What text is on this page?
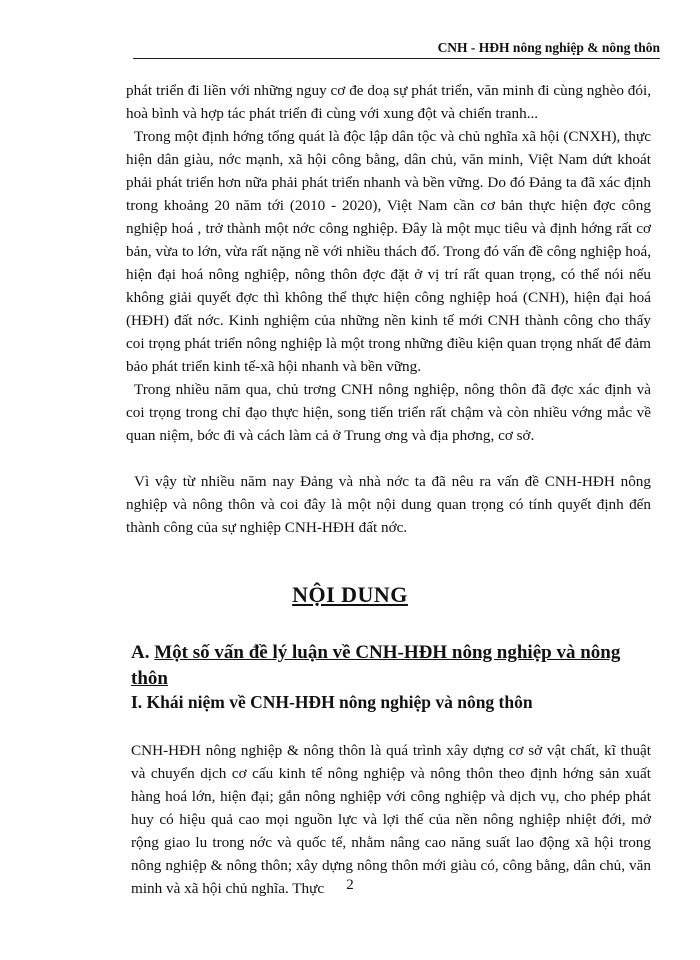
CNH - HĐH nông nghiệp & nông thôn

phát triển đi liền với những nguy cơ đe doạ sự phát triển, văn minh đi cùng nghèo đói, hoà bình và hợp tác phát triển đi cùng với xung đột và chiến tranh...

Trong một định hớng tổng quát là độc lập dân tộc và chủ nghĩa xã hội (CNXH), thực hiện dân giàu, nớc mạnh, xã hội công bằng, dân chủ, văn minh, Việt Nam dứt khoát phải phát triển hơn nữa phải phát triển nhanh và bền vững. Do đó Đảng ta đã xác định trong khoảng 20 năm tới (2010 - 2020), Việt Nam cần cơ bản thực hiện đợc công nghiệp hoá , trở thành một nớc công nghiệp. Đây là một mục tiêu và định hớng rất cơ bản, vừa to lớn, vừa rất nặng nề với nhiều thách đố. Trong đó vấn đề công nghiệp hoá, hiện đại hoá nông nghiệp, nông thôn đợc đặt ở vị trí rất quan trọng, có thể nói nếu không giải quyết đợc thì không thể thực hiện công nghiệp hoá (CNH), hiện đại hoá (HĐH) đất nớc. Kinh nghiệm của những nền kinh tế mới CNH thành công cho thấy coi trọng phát triển nông nghiệp là một trong những điều kiện quan trọng nhất để đảm bảo phát triển kinh tế-xã hội nhanh và bền vững.

Trong nhiều năm qua, chủ trơng CNH nông nghiệp, nông thôn đã đợc xác định và coi trọng trong chỉ đạo thực hiện, song tiến triển rất chậm và còn nhiều vớng mắc về quan niệm, bớc đi và cách làm cả ở Trung ơng và địa phơng, cơ sở.

Vì vậy từ nhiều năm nay Đảng và nhà nớc ta đã nêu ra vấn đề CNH-HĐH nông nghiệp và nông thôn và coi đây là một nội dung quan trọng có tính quyết định đến thành công của sự nghiệp CNH-HĐH đất nớc.

NỘI DUNG
A. Một số vấn đề lý luận về CNH-HĐH nông nghiệp và nông thôn
I. Khái niệm về CNH-HĐH nông nghiệp và nông thôn

CNH-HĐH nông nghiệp & nông thôn là quá trình xây dựng cơ sở vật chất, kĩ thuật và chuyển dịch cơ cấu kinh tế nông nghiệp và nông thôn theo định hớng sản xuất hàng hoá lớn, hiện đại; gắn nông nghiệp với công nghiệp và dịch vụ, cho phép phát huy có hiệu quả cao mọi nguồn lực và lợi thế của nền nông nghiệp nhiệt đới, mở rộng giao lu trong nớc và quốc tế, nhằm nâng cao năng suất lao động xã hội trong nông nghiệp & nông thôn; xây dựng nông thôn mới giàu có, công bằng, dân chủ, văn minh và xã hội chủ nghĩa. Thực	2
